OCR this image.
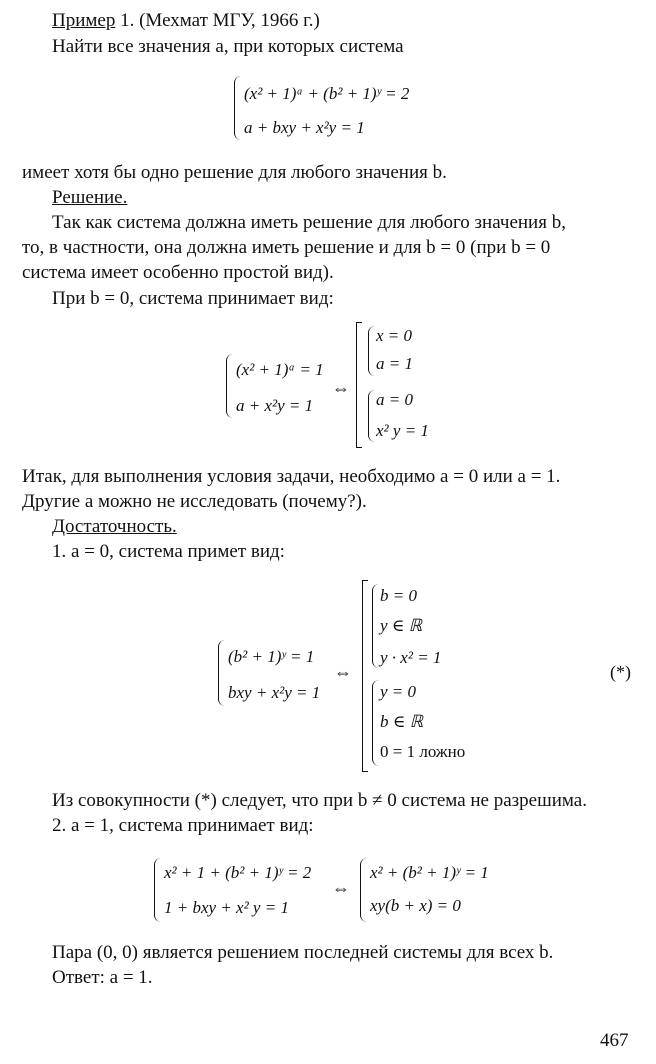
Пример 1. (Мехмат МГУ, 1966 г.)
Найти все значения a, при которых система
(x² + 1)ᵃ + (b² + 1)ʸ = 2
a + bxy + x²y = 1
имеет хотя бы одно решение для любого значения b.
Решение.
Так как система должна иметь решение для любого значения b,
то, в частности, она должна иметь решение и для b = 0 (при b = 0
система имеет особенно простой вид).
При b = 0, система принимает вид:
(x² + 1)ᵃ = 1
a + x²y = 1
⇔
x = 0
a = 1
a = 0
x² y = 1
Итак, для выполнения условия задачи, необходимо a = 0 или a = 1.
Другие a можно не исследовать (почему?).
Достаточность.
1. a = 0, система примет вид:
(b² + 1)ʸ = 1
bxy + x²y = 1
⇔
b = 0
y ∈ ℝ
y · x² = 1
y = 0
b ∈ ℝ
0 = 1 ложно
(*)
Из совокупности (*) следует, что при b ≠ 0 система не разрешима.
2. a = 1, система принимает вид:
x² + 1 + (b² + 1)ʸ = 2
1 + bxy + x² y = 1
⇔
x² + (b² + 1)ʸ = 1
xy(b + x) = 0
Пара (0, 0) является решением последней системы для всех b.
Ответ: a = 1.
467
